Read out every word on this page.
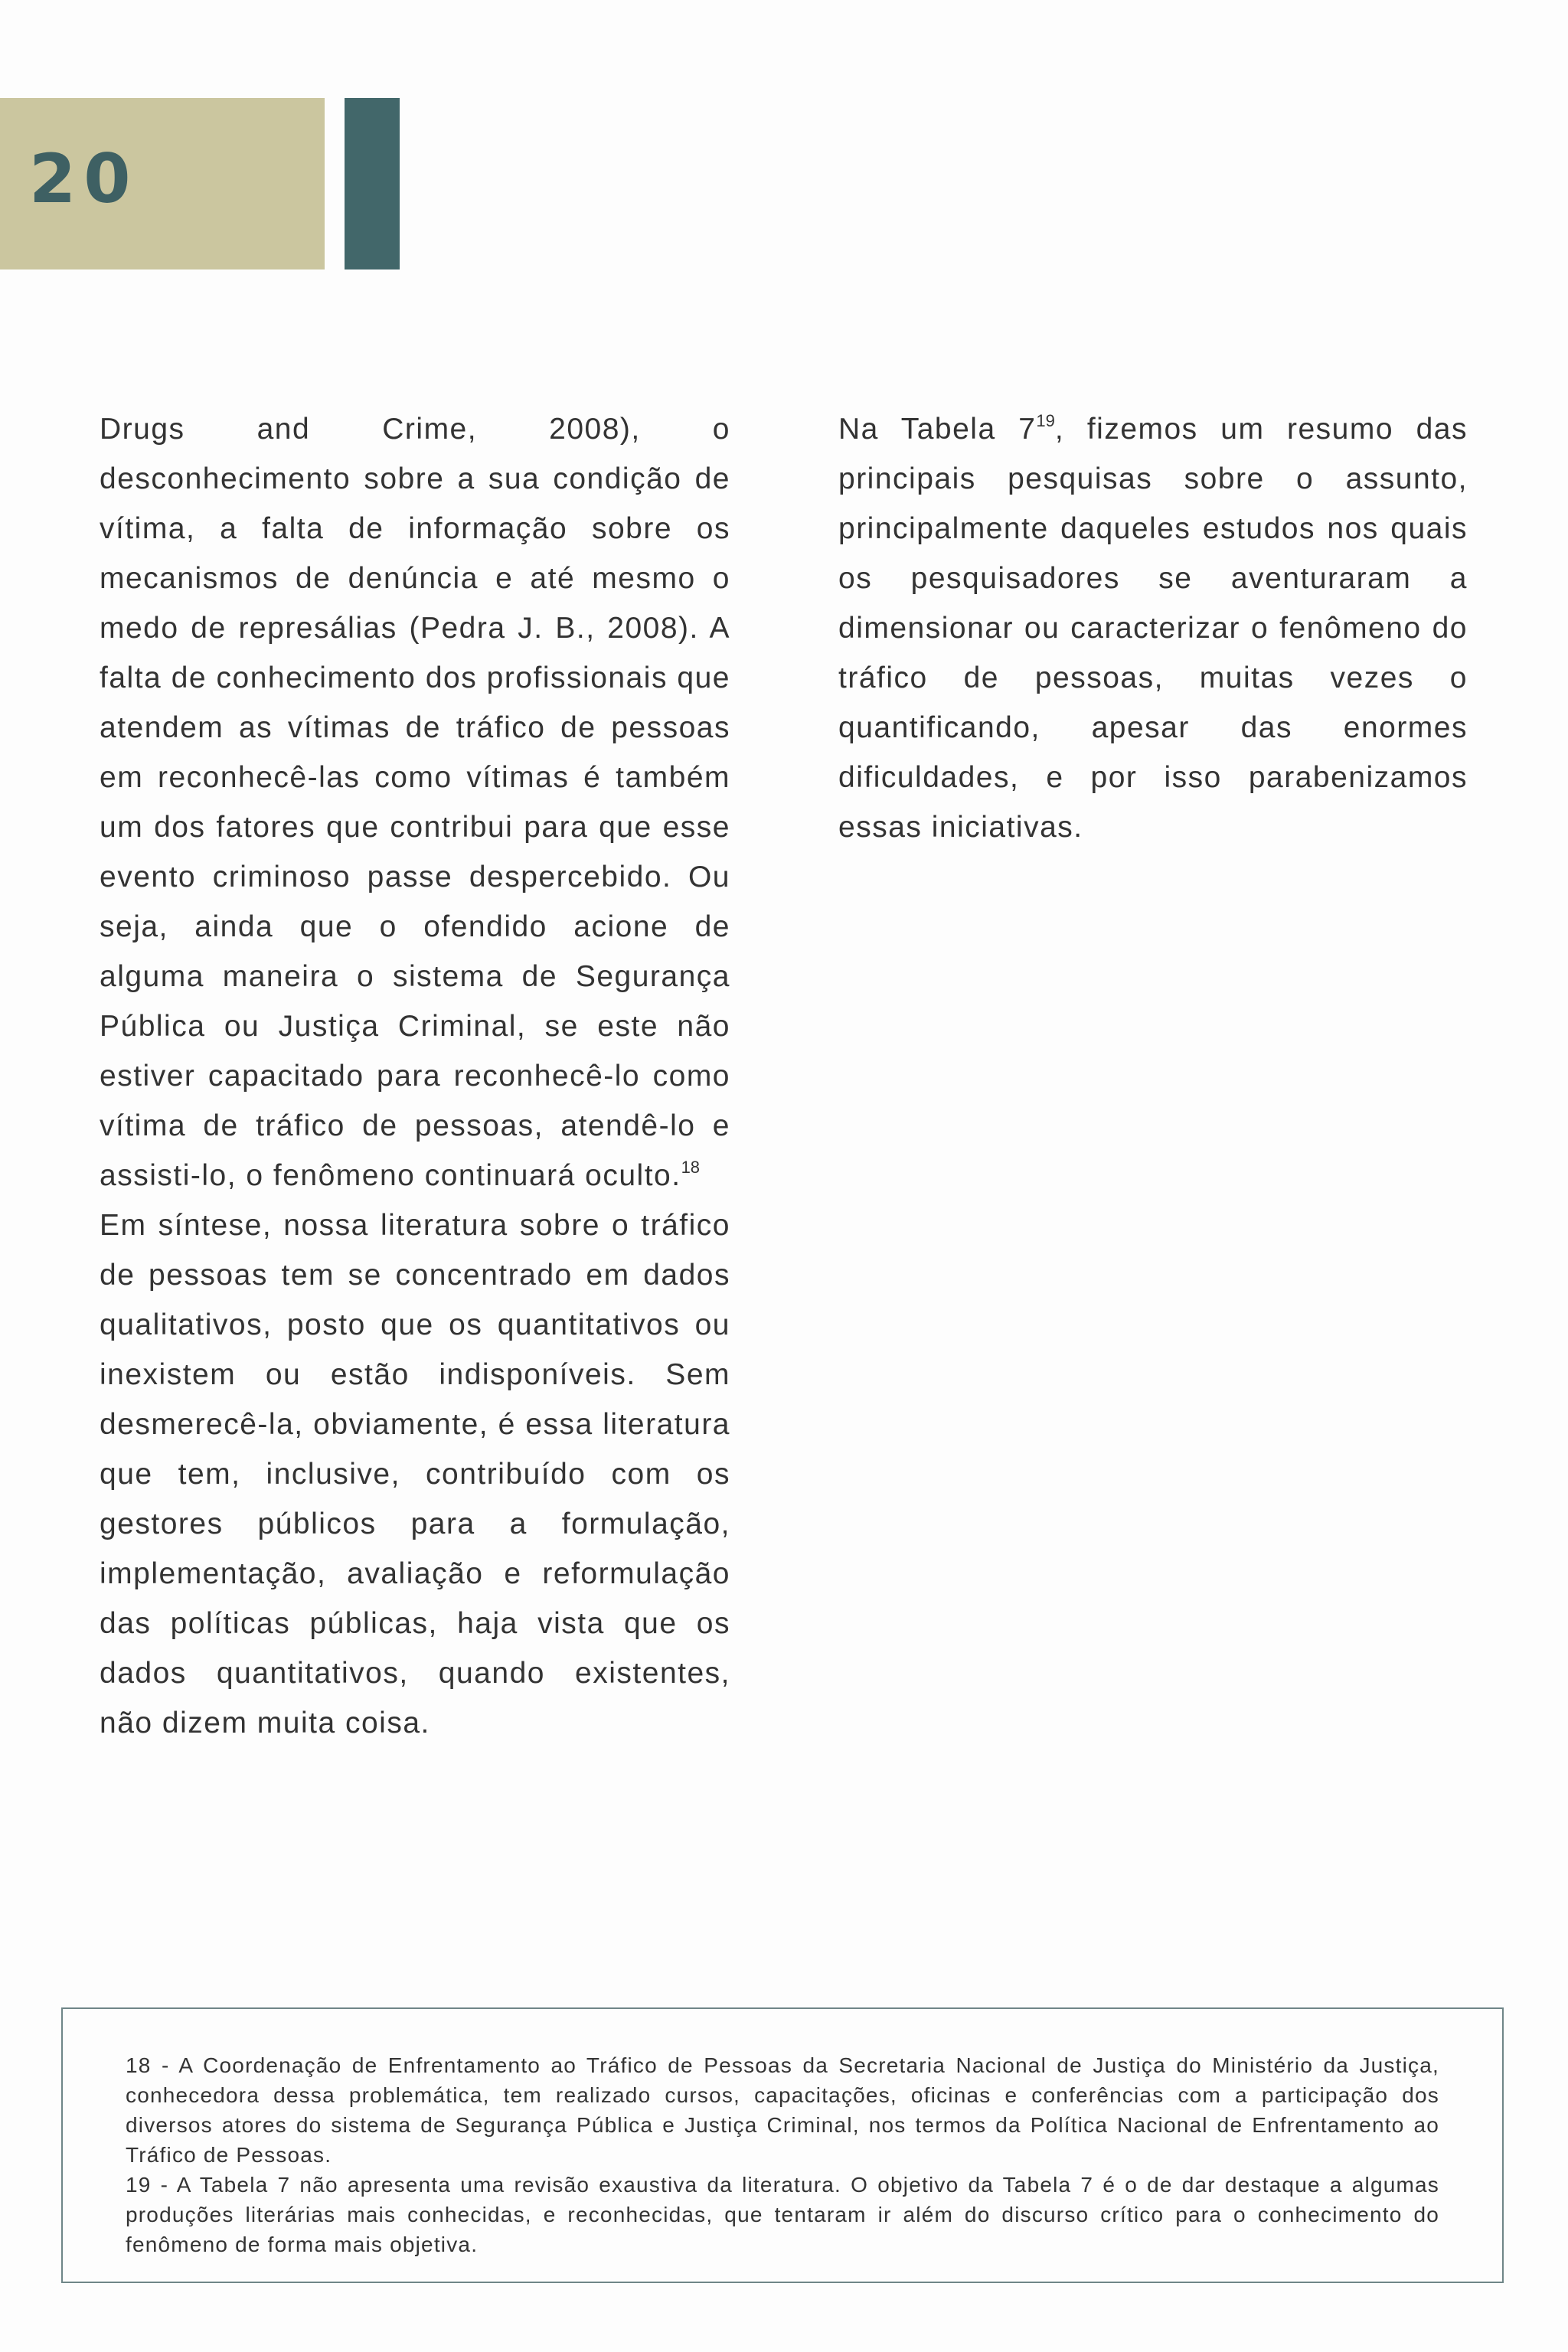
20

Drugs and Crime, 2008), o desconhecimento sobre a sua condição de vítima, a falta de informação sobre os mecanismos de denúncia e até mesmo o medo de represálias (Pedra J. B., 2008). A falta de conhecimento dos profissionais que atendem as vítimas de tráfico de pessoas em reconhecê-las como vítimas é também um dos fatores que contribui para que esse evento criminoso passe despercebido. Ou seja, ainda que o ofendido acione de alguma maneira o sistema de Segurança Pública ou Justiça Criminal, se este não estiver capacitado para reconhecê-lo como vítima de tráfico de pessoas, atendê-lo e assisti-lo, o fenômeno continuará oculto.$^{18}$

Em síntese, nossa literatura sobre o tráfico de pessoas tem se concentrado em dados qualitativos, posto que os quantitativos ou inexistem ou estão indisponíveis. Sem desmerecê-la, obviamente, é essa literatura que tem, inclusive, contribuído com os gestores públicos para a formulação, implementação, avaliação e reformulação das políticas públicas, haja vista que os dados quantitativos, quando existentes, não dizem muita coisa.

Na Tabela 7$^{19}$, fizemos um resumo das principais pesquisas sobre o assunto, principalmente daqueles estudos nos quais os pesquisadores se aventuraram a dimensionar ou caracterizar o fenômeno do tráfico de pessoas, muitas vezes o quantificando, apesar das enormes dificuldades, e por isso parabenizamos essas iniciativas.

18 - A Coordenação de Enfrentamento ao Tráfico de Pessoas da Secretaria Nacional de Justiça do Ministério da Justiça, conhecedora dessa problemática, tem realizado cursos, capacitações, oficinas e conferências com a participação dos diversos atores do sistema de Segurança Pública e Justiça Criminal, nos termos da Política Nacional de Enfrentamento ao Tráfico de Pessoas.

19 - A Tabela 7 não apresenta uma revisão exaustiva da literatura. O objetivo da Tabela 7 é o de dar destaque a algumas produções literárias mais conhecidas, e reconhecidas, que tentaram ir além do discurso crítico para o conhecimento do fenômeno de forma mais objetiva.
